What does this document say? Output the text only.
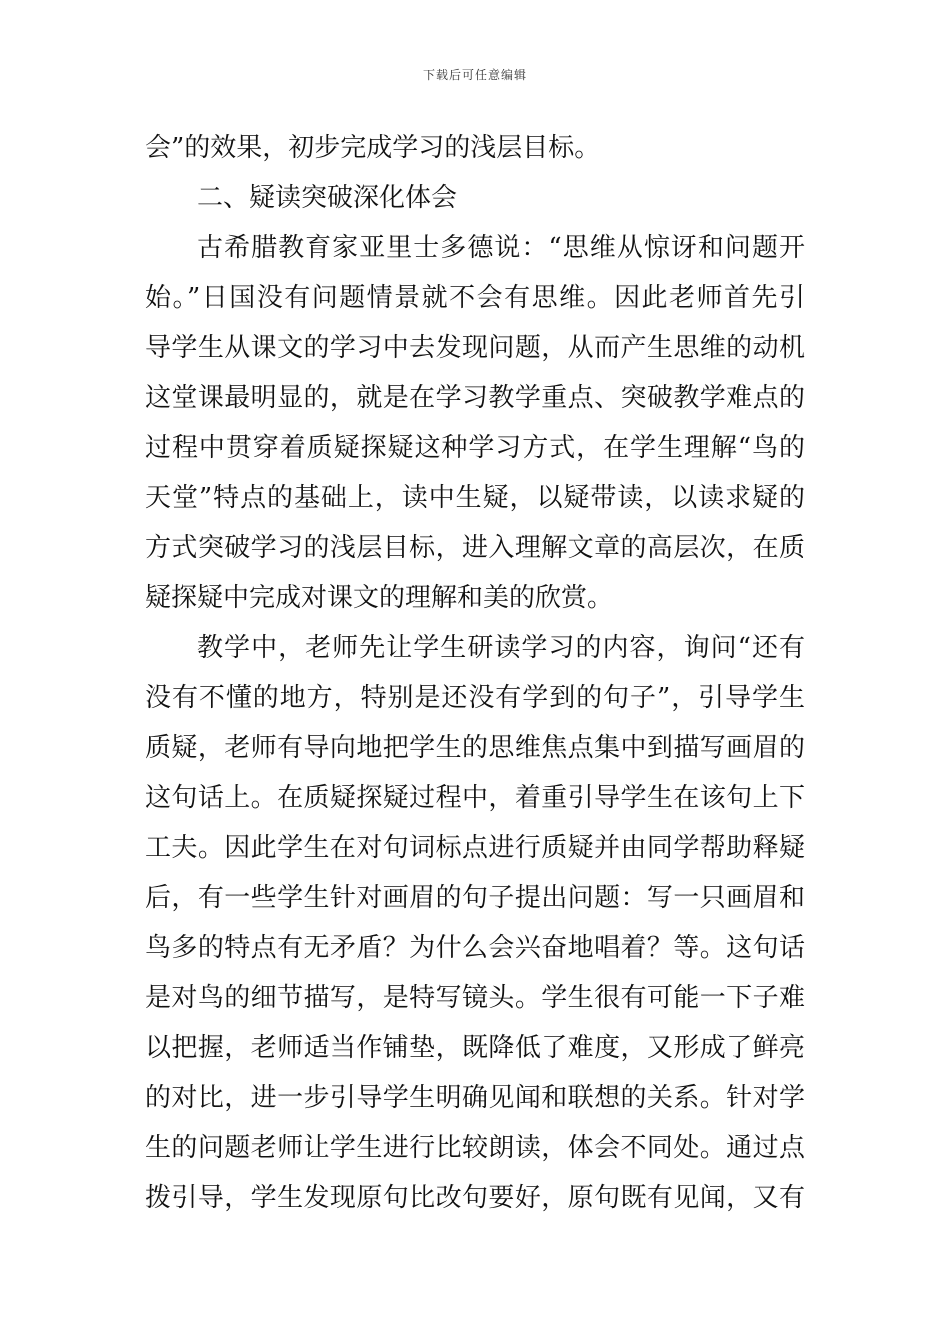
下载后可任意编辑
会”的效果，初步完成学习的浅层目标。
二、疑读突破深化体会
古希腊教育家亚里士多德说：“思维从惊讶和问题开
始。”日国没有问题情景就不会有思维。因此老师首先引
导学生从课文的学习中去发现问题，从而产生思维的动机
这堂课最明显的，就是在学习教学重点、突破教学难点的
过程中贯穿着质疑探疑这种学习方式，在学生理解“鸟的
天堂”特点的基础上，读中生疑，以疑带读，以读求疑的
方式突破学习的浅层目标，进入理解文章的高层次，在质
疑探疑中完成对课文的理解和美的欣赏。
教学中，老师先让学生研读学习的内容，询问“还有
没有不懂的地方，特别是还没有学到的句子”，引导学生
质疑，老师有导向地把学生的思维焦点集中到描写画眉的
这句话上。在质疑探疑过程中，着重引导学生在该句上下
工夫。因此学生在对句词标点进行质疑并由同学帮助释疑
后，有一些学生针对画眉的句子提出问题：写一只画眉和
鸟多的特点有无矛盾？为什么会兴奋地唱着？等。这句话
是对鸟的细节描写，是特写镜头。学生很有可能一下子难
以把握，老师适当作铺垫，既降低了难度，又形成了鲜亮
的对比，进一步引导学生明确见闻和联想的关系。针对学
生的问题老师让学生进行比较朗读，体会不同处。通过点
拨引导，学生发现原句比改句要好，原句既有见闻，又有
